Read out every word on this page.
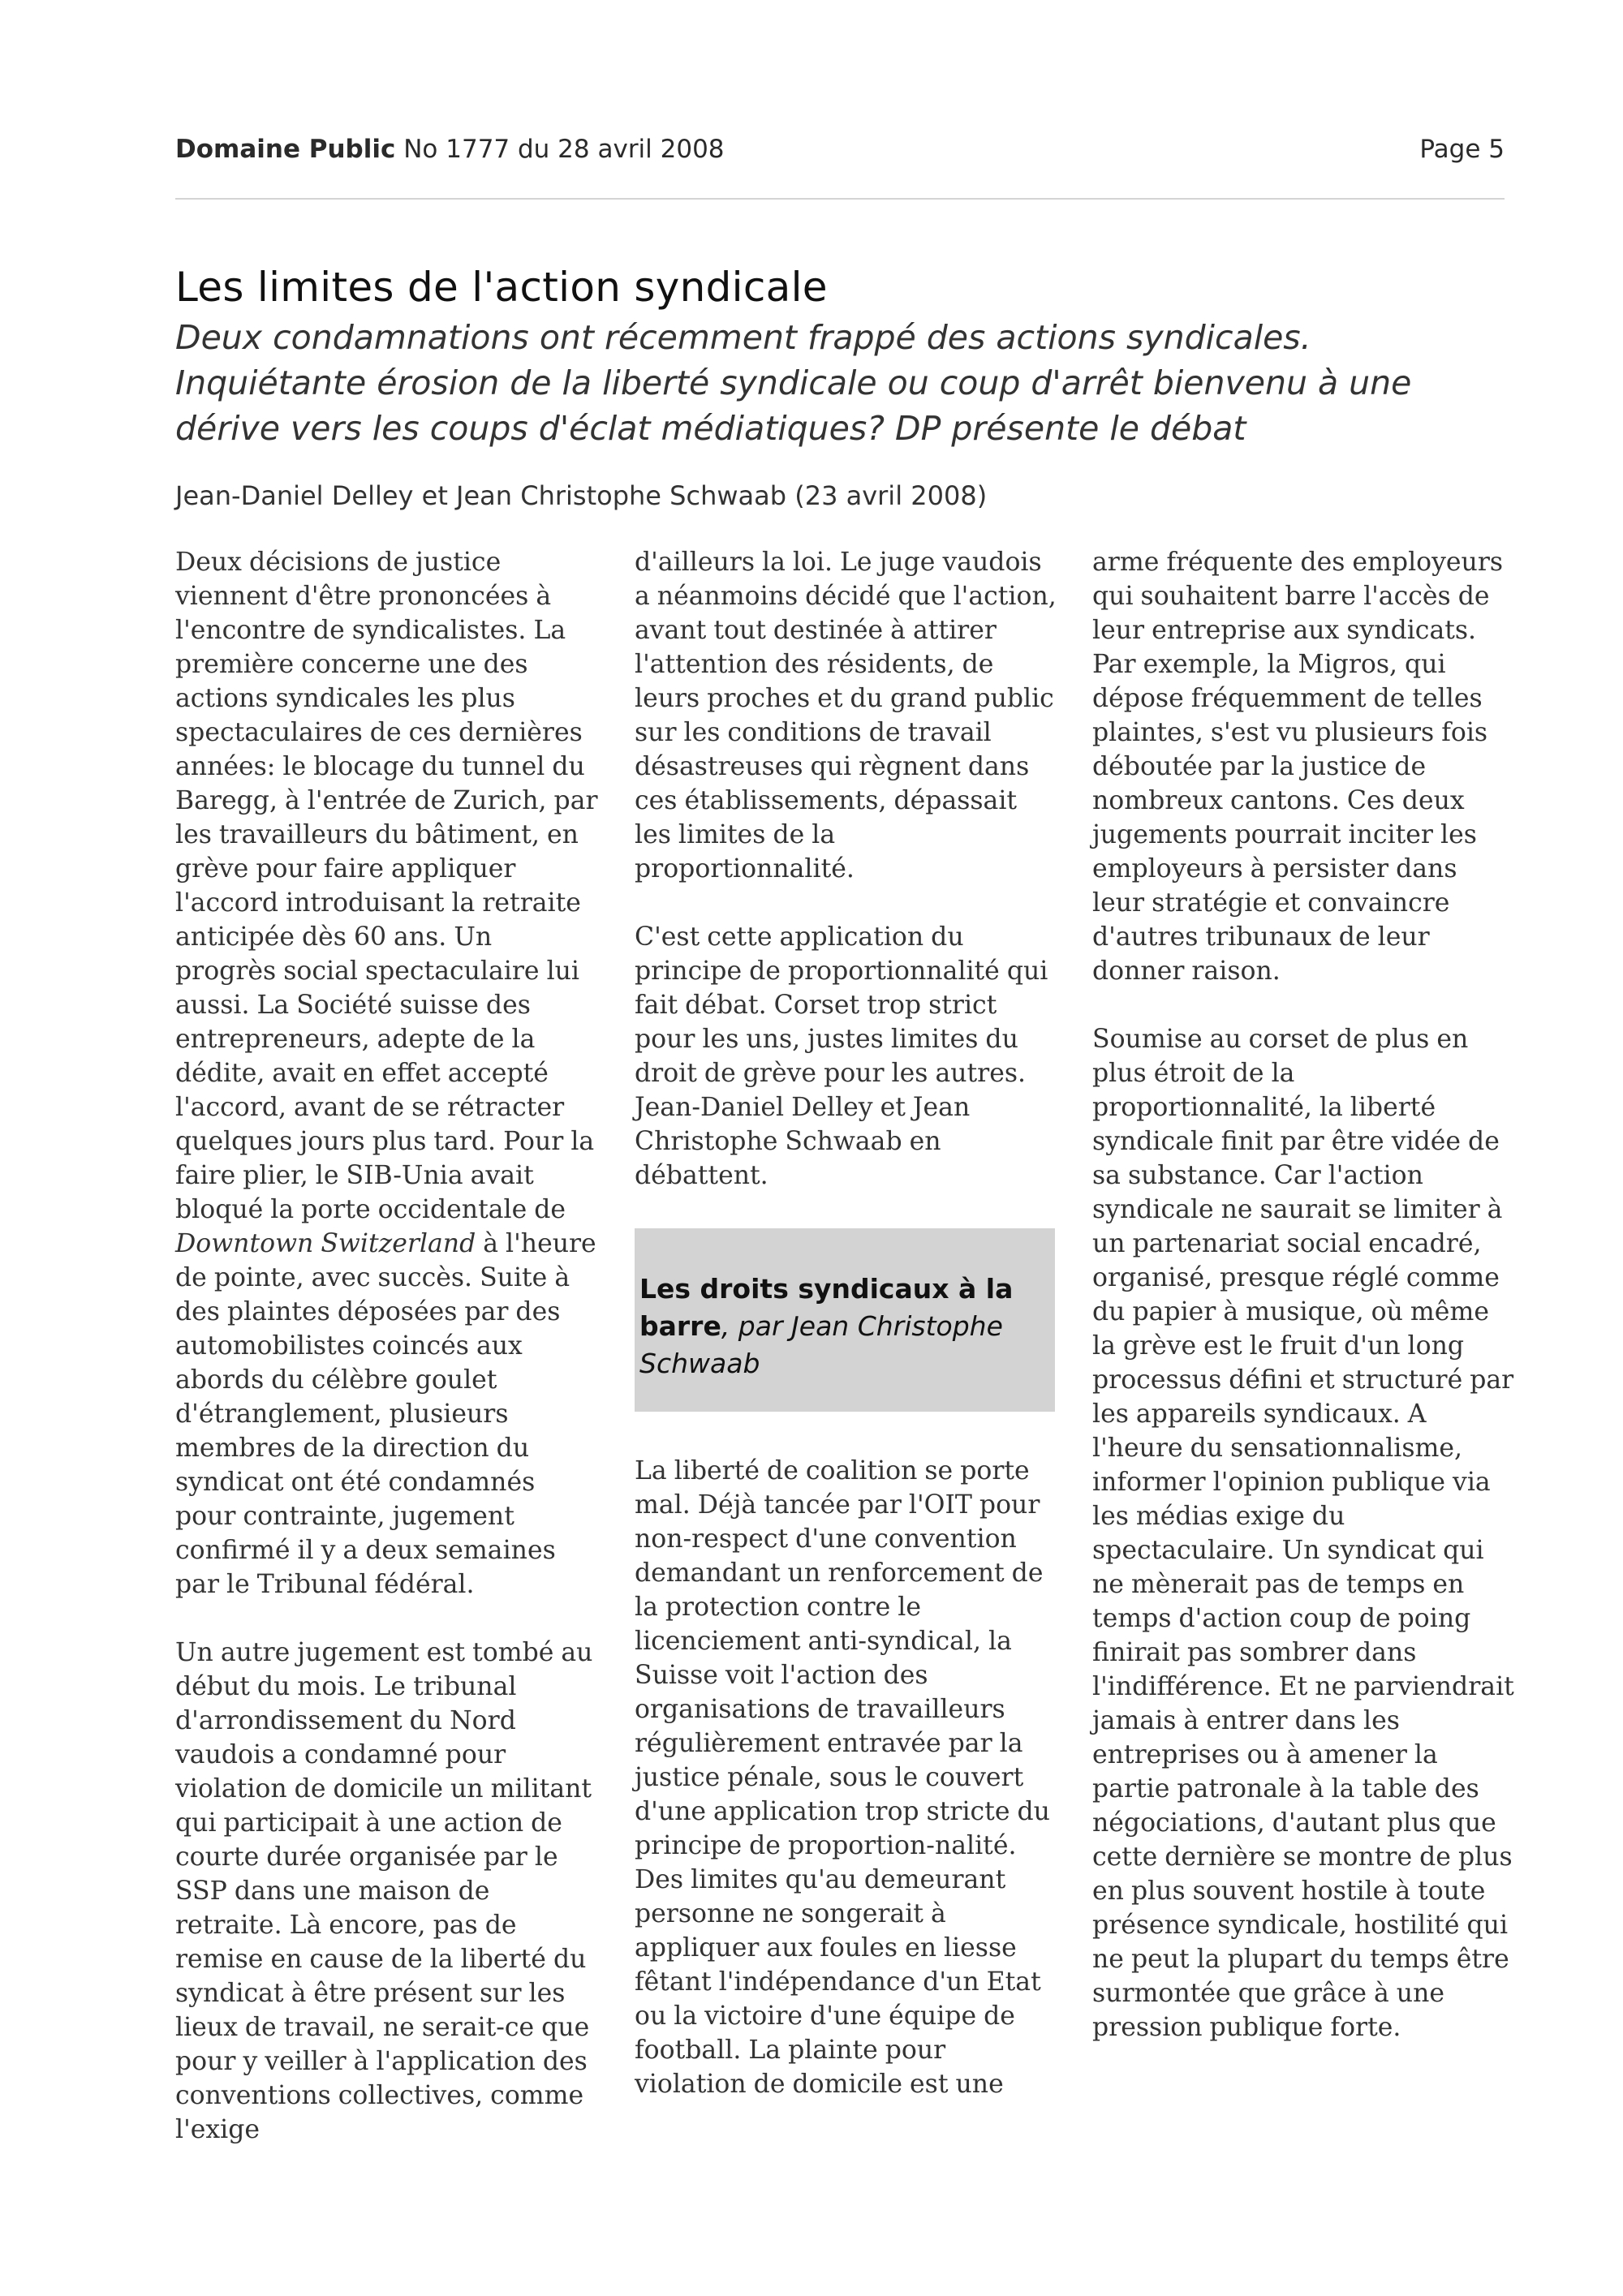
Domaine Public No 1777 du 28 avril 2008	Page 5
Les limites de l'action syndicale

Deux condamnations ont récemment frappé des actions syndicales. Inquiétante érosion de la liberté syndicale ou coup d'arrêt bienvenu à une dérive vers les coups d'éclat médiatiques? DP présente le débat

Jean-Daniel Delley et Jean Christophe Schwaab (23 avril 2008)

Deux décisions de justice viennent d'être prononcées à l'encontre de syndicalistes. La première concerne une des actions syndicales les plus spectaculaires de ces dernières années: le blocage du tunnel du Baregg, à l'entrée de Zurich, par les travailleurs du bâtiment, en grève pour faire appliquer l'accord introduisant la retraite anticipée dès 60 ans. Un progrès social spectaculaire lui aussi. La Société suisse des entrepreneurs, adepte de la dédite, avait en effet accepté l'accord, avant de se rétracter quelques jours plus tard. Pour la faire plier, le SIB-Unia avait bloqué la porte occidentale de Downtown Switzerland à l'heure de pointe, avec succès. Suite à des plaintes déposées par des automobilistes coincés aux abords du célèbre goulet d'étranglement, plusieurs membres de la direction du syndicat ont été condamnés pour contrainte, jugement confirmé il y a deux semaines par le Tribunal fédéral.

Un autre jugement est tombé au début du mois. Le tribunal d'arrondissement du Nord vaudois a condamné pour violation de domicile un militant qui participait à une action de courte durée organisée par le SSP dans une maison de retraite. Là encore, pas de remise en cause de la liberté du syndicat à être présent sur les lieux de travail, ne serait-ce que pour y veiller à l'application des conventions collectives, comme l'exige

d'ailleurs la loi. Le juge vaudois a néanmoins décidé que l'action, avant tout destinée à attirer l'attention des résidents, de leurs proches et du grand public sur les conditions de travail désastreuses qui règnent dans ces établissements, dépassait les limites de la proportionnalité.

C'est cette application du principe de proportionnalité qui fait débat. Corset trop strict pour les uns, justes limites du droit de grève pour les autres. Jean-Daniel Delley et Jean Christophe Schwaab en débattent.

Les droits syndicaux à la barre, par Jean Christophe Schwaab

La liberté de coalition se porte mal. Déjà tancée par l'OIT pour non-respect d'une convention demandant un renforcement de la protection contre le licenciement anti-syndical, la Suisse voit l'action des organisations de travailleurs régulièrement entravée par la justice pénale, sous le couvert d'une application trop stricte du principe de proportion-nalité. Des limites qu'au demeurant personne ne songerait à appliquer aux foules en liesse fêtant l'indépendance d'un Etat ou la victoire d'une équipe de football. La plainte pour violation de domicile est une

arme fréquente des employeurs qui souhaitent barre l'accès de leur entreprise aux syndicats. Par exemple, la Migros, qui dépose fréquemment de telles plaintes, s'est vu plusieurs fois déboutée par la justice de nombreux cantons. Ces deux jugements pourrait inciter les employeurs à persister dans leur stratégie et convaincre d'autres tribunaux de leur donner raison.

Soumise au corset de plus en plus étroit de la proportionnalité, la liberté syndicale finit par être vidée de sa substance. Car l'action syndicale ne saurait se limiter à un partenariat social encadré, organisé, presque réglé comme du papier à musique, où même la grève est le fruit d'un long processus défini et structuré par les appareils syndicaux. A l'heure du sensationnalisme, informer l'opinion publique via les médias exige du spectaculaire. Un syndicat qui ne mènerait pas de temps en temps d'action coup de poing finirait pas sombrer dans l'indifférence. Et ne parviendrait jamais à entrer dans les entreprises ou à amener la partie patronale à la table des négociations, d'autant plus que cette dernière se montre de plus en plus souvent hostile à toute présence syndicale, hostilité qui ne peut la plupart du temps être surmontée que grâce à une pression publique forte.
